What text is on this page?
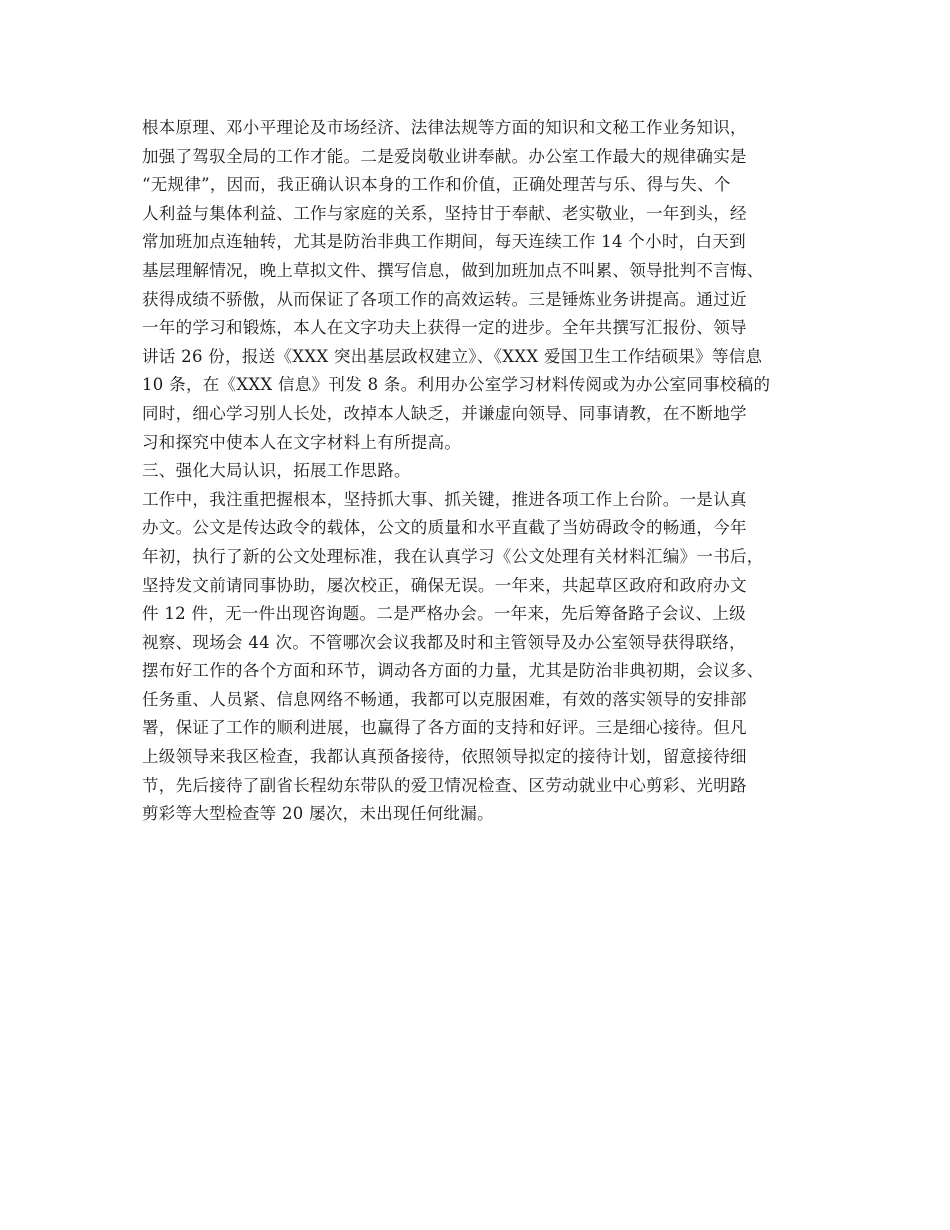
根本原理、邓小平理论及市场经济、法律法规等方面的知识和文秘工作业务知识，
加强了驾驭全局的工作才能。二是爱岗敬业讲奉献。办公室工作最大的规律确实是
“无规律”，因而，我正确认识本身的工作和价值，正确处理苦与乐、得与失、个
人利益与集体利益、工作与家庭的关系，坚持甘于奉献、老实敬业，一年到头，经
常加班加点连轴转，尤其是防治非典工作期间，每天连续工作 14 个小时，白天到
基层理解情况，晚上草拟文件、撰写信息，做到加班加点不叫累、领导批判不言悔、
获得成绩不骄傲，从而保证了各项工作的高效运转。三是锤炼业务讲提高。通过近
一年的学习和锻炼，本人在文字功夫上获得一定的进步。全年共撰写汇报份、领导
讲话 26 份，报送《XXX 突出基层政权建立》、《XXX 爱国卫生工作结硕果》等信息
10 条，在《XXX 信息》刊发 8 条。利用办公室学习材料传阅或为办公室同事校稿的
同时，细心学习别人长处，改掉本人缺乏，并谦虚向领导、同事请教，在不断地学
习和探究中使本人在文字材料上有所提高。
三、强化大局认识，拓展工作思路。
工作中，我注重把握根本，坚持抓大事、抓关键，推进各项工作上台阶。一是认真
办文。公文是传达政令的载体，公文的质量和水平直截了当妨碍政令的畅通，今年
年初，执行了新的公文处理标准，我在认真学习《公文处理有关材料汇编》一书后，
坚持发文前请同事协助，屡次校正，确保无误。一年来，共起草区政府和政府办文
件 12 件，无一件出现咨询题。二是严格办会。一年来，先后筹备路子会议、上级
视察、现场会 44 次。不管哪次会议我都及时和主管领导及办公室领导获得联络，
摆布好工作的各个方面和环节，调动各方面的力量，尤其是防治非典初期，会议多、
任务重、人员紧、信息网络不畅通，我都可以克服困难，有效的落实领导的安排部
署，保证了工作的顺利进展，也赢得了各方面的支持和好评。三是细心接待。但凡
上级领导来我区检查，我都认真预备接待，依照领导拟定的接待计划，留意接待细
节，先后接待了副省长程幼东带队的爱卫情况检查、区劳动就业中心剪彩、光明路
剪彩等大型检查等 20 屡次，未出现任何纰漏。
